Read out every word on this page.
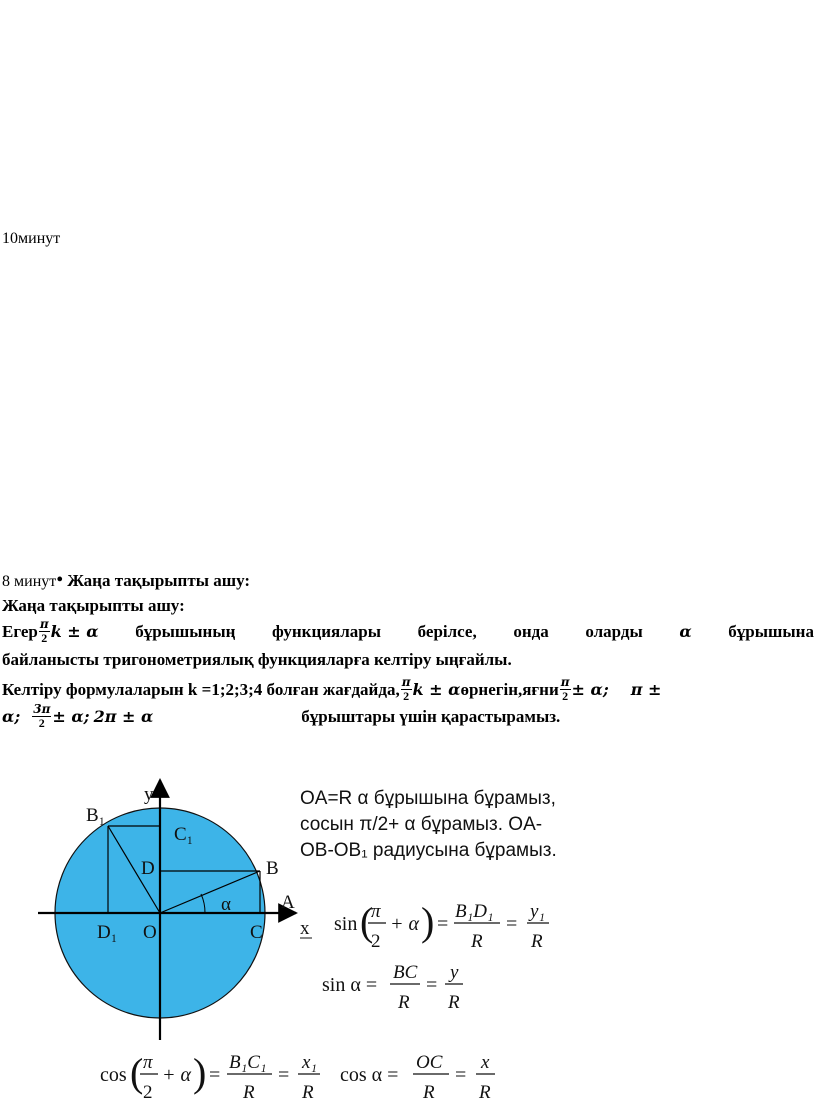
10минут
8 минут• Жаңа тақырыпты ашу:
Жаңа тақырыпты ашу:
Егер $\frac{\pi}{2}$ k ± α бұрышының функциялары берілсе, онда оларды α бұрышына
байланысты тригонометриялық функцияларға келтіру ыңғайлы.
Келтіру формулаларын k =1;2;3;4 болған жағдайда, $\frac{\pi}{2}$ k ± α өрнегін,яғни $\frac{\pi}{2} \pm \alpha$; π ±
α; $\frac{3\pi}{2} \pm \alpha$; 2π ± α	бұрыштары үшін қарастырамыз.
y
B₁
C₁
D	B
α	A
D₁ O	C x
OA=R α бұрышына бұрамыз,
сосын π/2+ α бұрамыз. OA-
OB-OB₁ радиусына бұрамыз.
sin (
π
2
+ α ) =
B₁D₁
R
=
y₁
R
sin α =
BC
R
=
y
R
cos ( π
2
+ α ) =
B₁C₁
R
=
x₁
R
cos α =
OC
R
=
x
R
